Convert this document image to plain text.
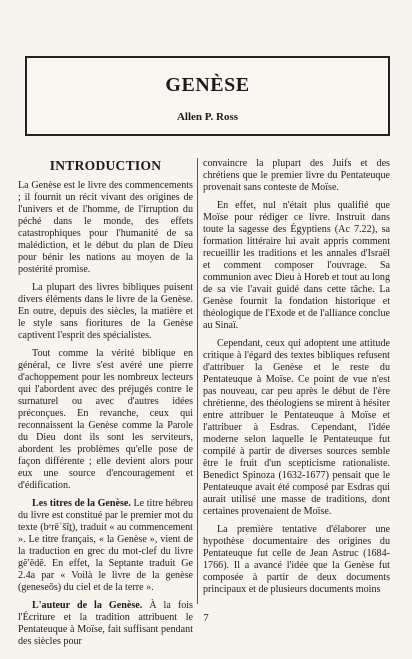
GENÈSE
Allen P. Ross
INTRODUCTION

La Genèse est le livre des commencements ; il fournit un récit vivant des origines de l'univers et de l'homme, de l'irruption du péché dans le monde, des effets catastrophiques pour l'humanité de sa malédiction, et le début du plan de Dieu pour bénir les nations au moyen de la postérité promise.

La plupart des livres bibliques puisent divers éléments dans le livre de la Genèse. En outre, depuis des siècles, la matière et le style sans fioritures de la Genèse captivent l'esprit des spécialistes.

Tout comme la vérité biblique en général, ce livre s'est avéré une pierre d'achoppement pour les nombreux lecteurs qui l'abordent avec des préjugés contre le surnaturel ou avec d'autres idées préconçues. En revanche, ceux qui reconnaissent la Genèse comme la Parole du Dieu dont ils sont les serviteurs, abordent les problèmes qu'elle pose de façon différente ; elle devient alors pour eux une source d'encouragement et d'édification.

Les titres de la Genèse. Le titre hébreu du livre est constitué par le premier mot du texte (bᵉrēʾšîṯ), traduit « au commencement ». Le titre français, « la Genèse », vient de la traduction en grec du mot-clef du livre gĕʹĕdĕ. En effet, la Septante traduit Ge 2.4a par « Voilà le livre de la genèse (geneseōs) du ciel et de la terre ».

L'auteur de la Genèse. À la fois l'Écriture et la tradition attribuent le Pentateuque à Moïse, fait suffisant pendant des siècles pour

convaincre la plupart des Juifs et des chrétiens que le premier livre du Pentateuque provenait sans conteste de Moïse.

En effet, nul n'était plus qualifié que Moïse pour rédiger ce livre. Instruit dans toute la sagesse des Égyptiens (Ac 7.22), sa formation littéraire lui avait appris comment recueillir les traditions et les annales d'Israël et comment composer l'ouvrage. Sa communion avec Dieu à Horeb et tout au long de sa vie l'avait guidé dans cette tâche. La Genèse fournit la fondation historique et théologique de l'Exode et de l'alliance conclue au Sinaï.

Cependant, ceux qui adoptent une attitude critique à l'égard des textes bibliques refusent d'attribuer la Genèse et le reste du Pentateuque à Moïse. Ce point de vue n'est pas nouveau, car peu après le début de l'ère chrétienne, des théologiens se mirent à hésiter entre attribuer le Pentateuque à Moïse et l'attribuer à Esdras. Cependant, l'idée moderne selon laquelle le Pentateuque fut compilé à partir de diverses sources semble être le fruit d'un scepticisme rationaliste. Benedict Spinoza (1632-1677) pensait que le Pentateuque avait été composé par Esdras qui aurait utilisé une masse de traditions, dont certaines provenaient de Moïse.

La première tentative d'élaborer une hypothèse documentaire des origines du Pentateuque fut celle de Jean Astruc (1684-1766). Il a avancé l'idée que la Genèse fut composée à partir de deux documents principaux et de plusieurs documents moins

7
